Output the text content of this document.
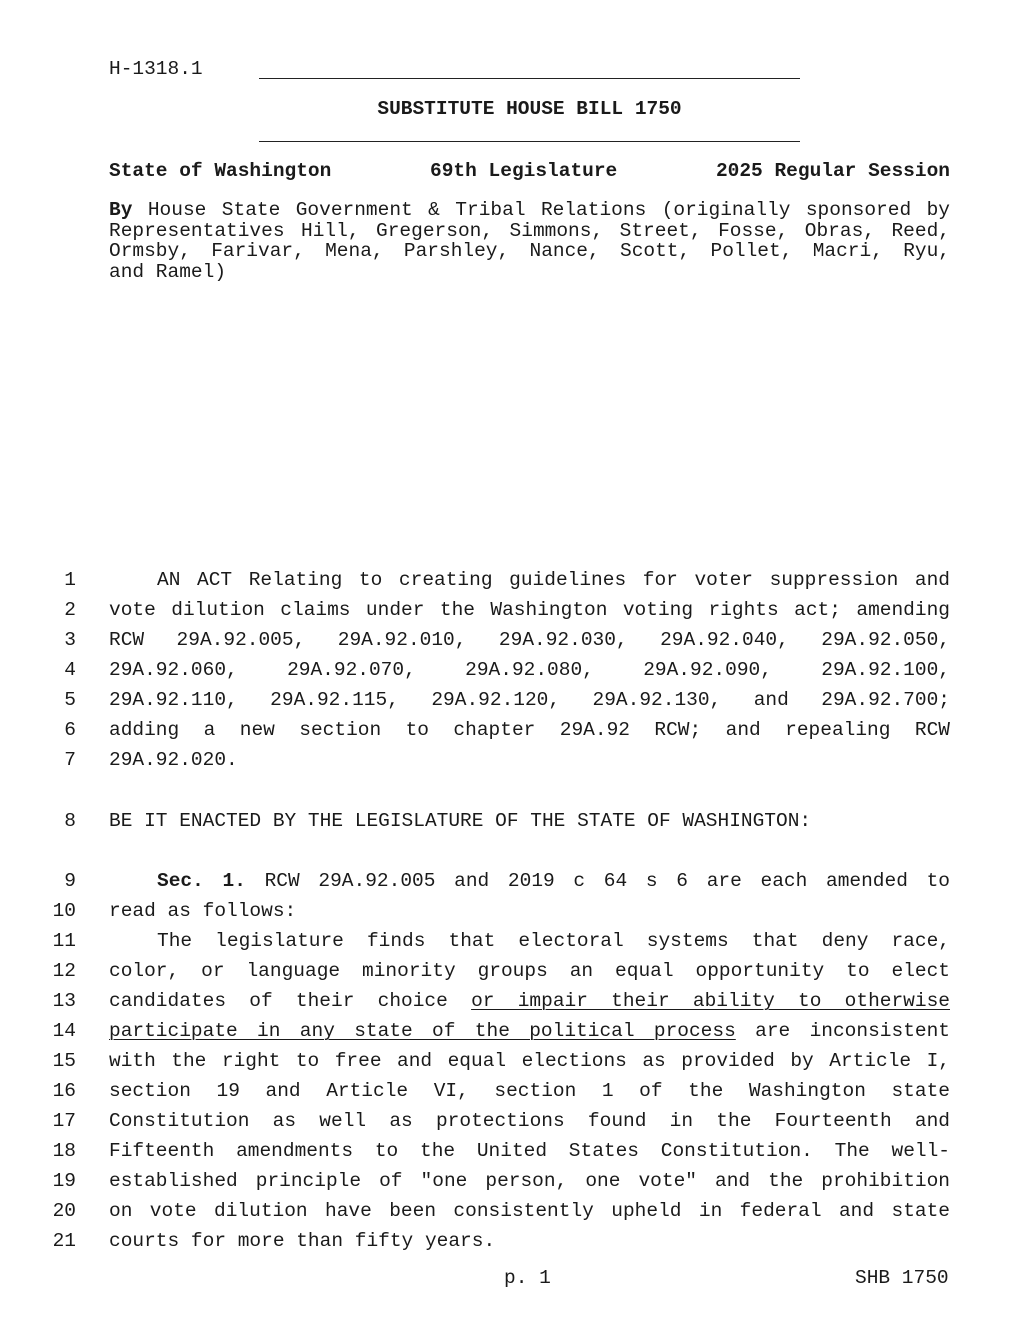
H-1318.1
SUBSTITUTE HOUSE BILL 1750
State of Washington	69th Legislature	2025 Regular Session
By House State Government & Tribal Relations (originally sponsored by
Representatives Hill, Gregerson, Simmons, Street, Fosse, Obras, Reed,
Ormsby, Farivar, Mena, Parshley, Nance, Scott, Pollet, Macri, Ryu,
and Ramel)
1
2
3
4
5
6
7
8
9
10
11
12
13
14
15
16
17
18
19
20
21
AN ACT Relating to creating guidelines for voter suppression and
vote dilution claims under the Washington voting rights act; amending
RCW 29A.92.005, 29A.92.010, 29A.92.030, 29A.92.040, 29A.92.050,
29A.92.060, 29A.92.070, 29A.92.080, 29A.92.090, 29A.92.100,
29A.92.110, 29A.92.115, 29A.92.120, 29A.92.130, and 29A.92.700;
adding a new section to chapter 29A.92 RCW; and repealing RCW
29A.92.020.
BE IT ENACTED BY THE LEGISLATURE OF THE STATE OF WASHINGTON:
Sec. 1. RCW 29A.92.005 and 2019 c 64 s 6 are each amended to
read as follows:
The legislature finds that electoral systems that deny race,
color, or language minority groups an equal opportunity to elect
candidates of their choice or impair their ability to otherwise
participate in any state of the political process are inconsistent
with the right to free and equal elections as provided by Article I,
section 19 and Article VI, section 1 of the Washington state
Constitution as well as protections found in the Fourteenth and
Fifteenth amendments to the United States Constitution. The well-
established principle of "one person, one vote" and the prohibition
on vote dilution have been consistently upheld in federal and state
courts for more than fifty years.
p. 1	SHB 1750
